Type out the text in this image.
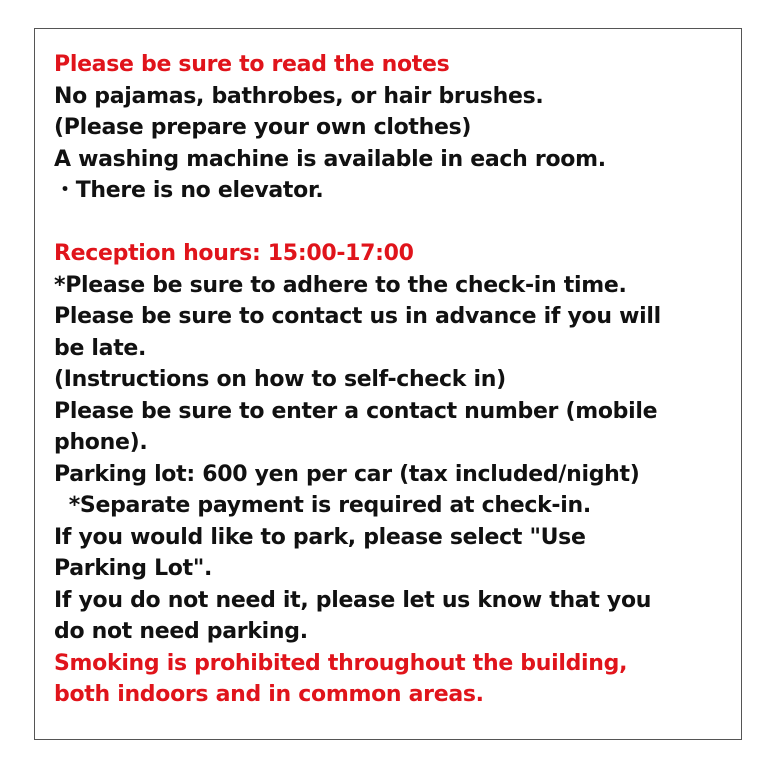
Please be sure to read the notes
No pajamas, bathrobes, or hair brushes.
(Please prepare your own clothes)
A washing machine is available in each room.
・There is no elevator.
Reception hours: 15:00-17:00
*Please be sure to adhere to the check-in time.
Please be sure to contact us in advance if you will
be late.
(Instructions on how to self-check in)
Please be sure to enter a contact number (mobile
phone).
Parking lot: 600 yen per car (tax included/night)
*Separate payment is required at check-in.
If you would like to park, please select "Use
Parking Lot".
If you do not need it, please let us know that you
do not need parking.
Smoking is prohibited throughout the building,
both indoors and in common areas.
